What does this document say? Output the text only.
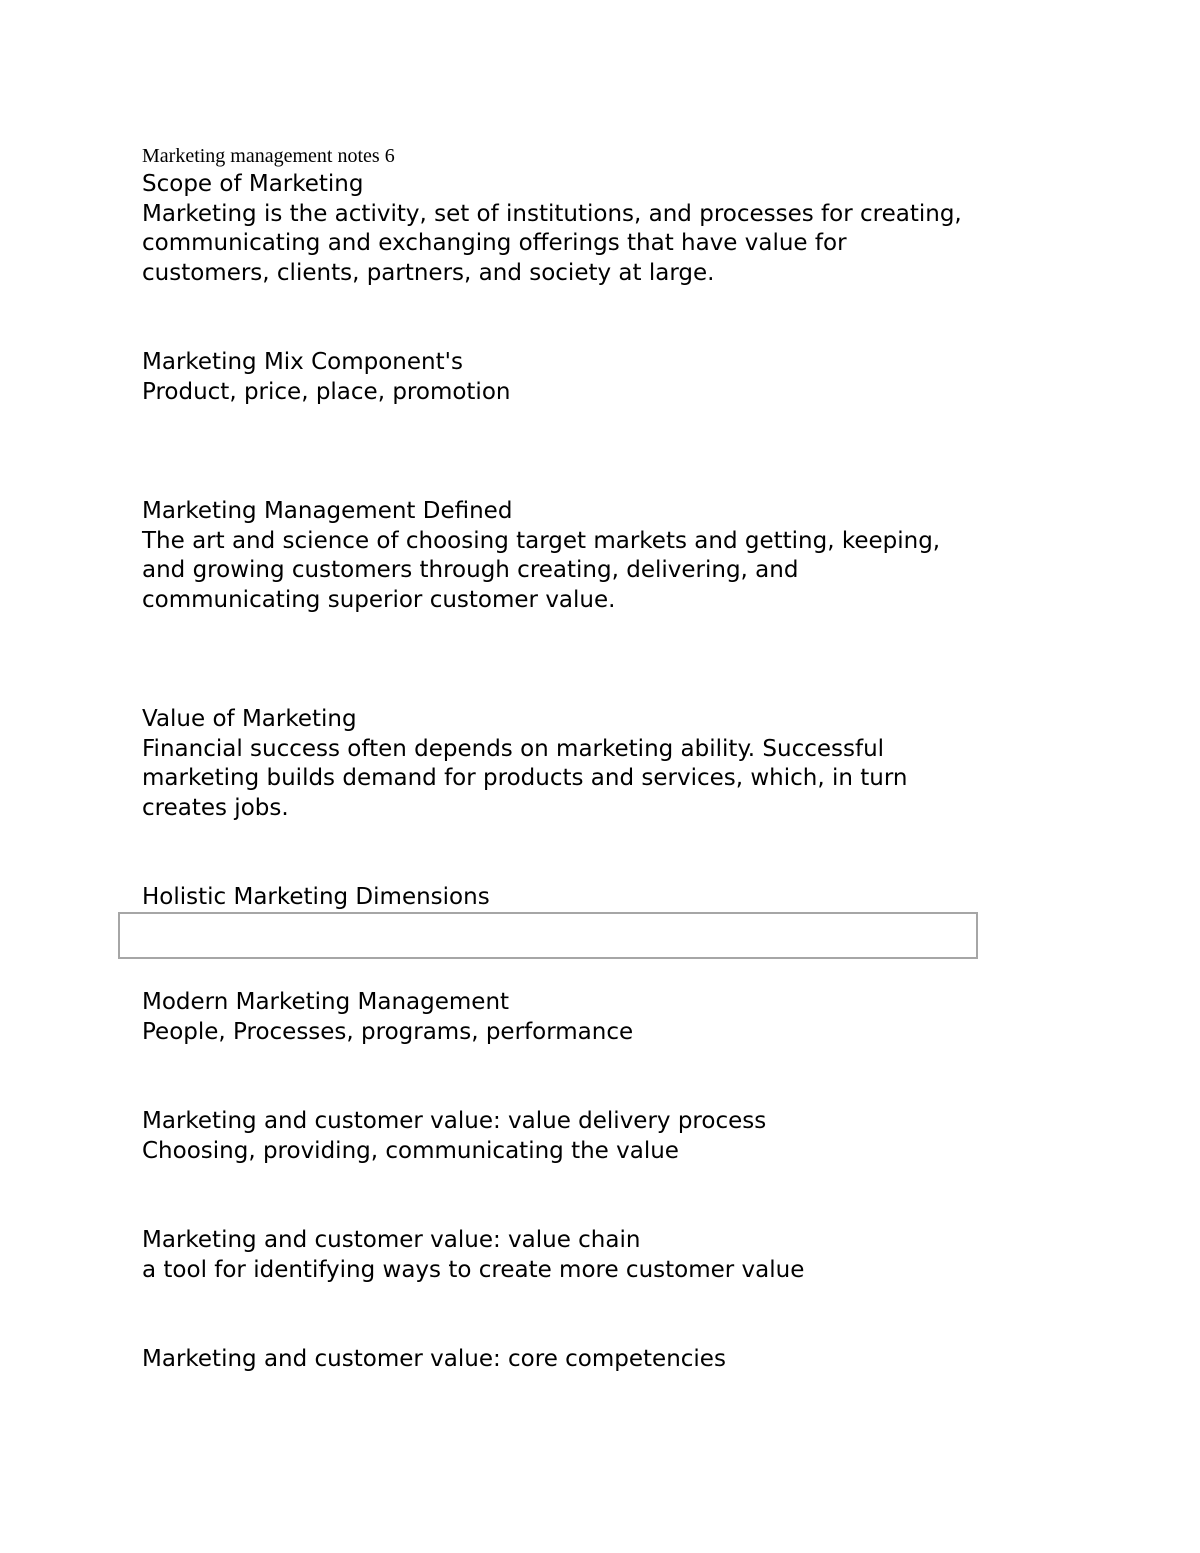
Marketing management notes 6
Scope of Marketing
Marketing is the activity, set of institutions, and processes for creating,
communicating and exchanging offerings that have value for
customers, clients, partners, and society at large.
Marketing Mix Component's
Product, price, place, promotion
Marketing Management Defined
The art and science of choosing target markets and getting, keeping,
and growing customers through creating, delivering, and
communicating superior customer value.
Value of Marketing
Financial success often depends on marketing ability. Successful
marketing builds demand for products and services, which, in turn
creates jobs.
Holistic Marketing Dimensions
Modern Marketing Management
People, Processes, programs, performance
Marketing and customer value: value delivery process
Choosing, providing, communicating the value
Marketing and customer value: value chain
a tool for identifying ways to create more customer value
Marketing and customer value: core competencies
